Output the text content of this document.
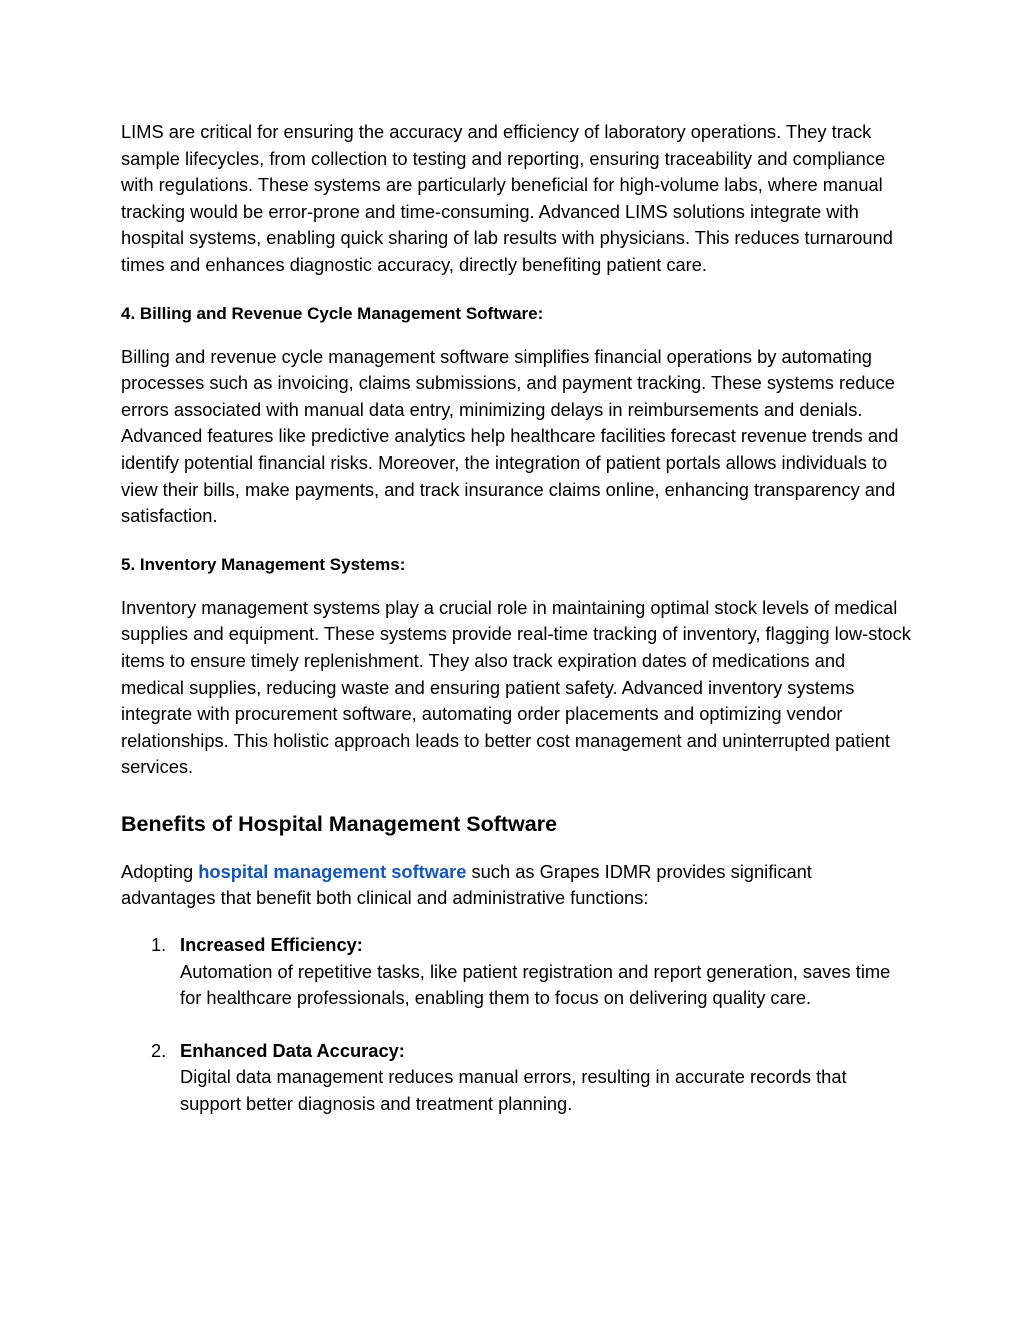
LIMS are critical for ensuring the accuracy and efficiency of laboratory operations. They track sample lifecycles, from collection to testing and reporting, ensuring traceability and compliance with regulations. These systems are particularly beneficial for high-volume labs, where manual tracking would be error-prone and time-consuming. Advanced LIMS solutions integrate with hospital systems, enabling quick sharing of lab results with physicians. This reduces turnaround times and enhances diagnostic accuracy, directly benefiting patient care.

4. Billing and Revenue Cycle Management Software:

Billing and revenue cycle management software simplifies financial operations by automating processes such as invoicing, claims submissions, and payment tracking. These systems reduce errors associated with manual data entry, minimizing delays in reimbursements and denials. Advanced features like predictive analytics help healthcare facilities forecast revenue trends and identify potential financial risks. Moreover, the integration of patient portals allows individuals to view their bills, make payments, and track insurance claims online, enhancing transparency and satisfaction.

5. Inventory Management Systems:

Inventory management systems play a crucial role in maintaining optimal stock levels of medical supplies and equipment. These systems provide real-time tracking of inventory, flagging low-stock items to ensure timely replenishment. They also track expiration dates of medications and medical supplies, reducing waste and ensuring patient safety. Advanced inventory systems integrate with procurement software, automating order placements and optimizing vendor relationships. This holistic approach leads to better cost management and uninterrupted patient services.

Benefits of Hospital Management Software

Adopting hospital management software such as Grapes IDMR provides significant advantages that benefit both clinical and administrative functions:

1. Increased Efficiency:
Automation of repetitive tasks, like patient registration and report generation, saves time for healthcare professionals, enabling them to focus on delivering quality care.
2. Enhanced Data Accuracy:
Digital data management reduces manual errors, resulting in accurate records that support better diagnosis and treatment planning.
